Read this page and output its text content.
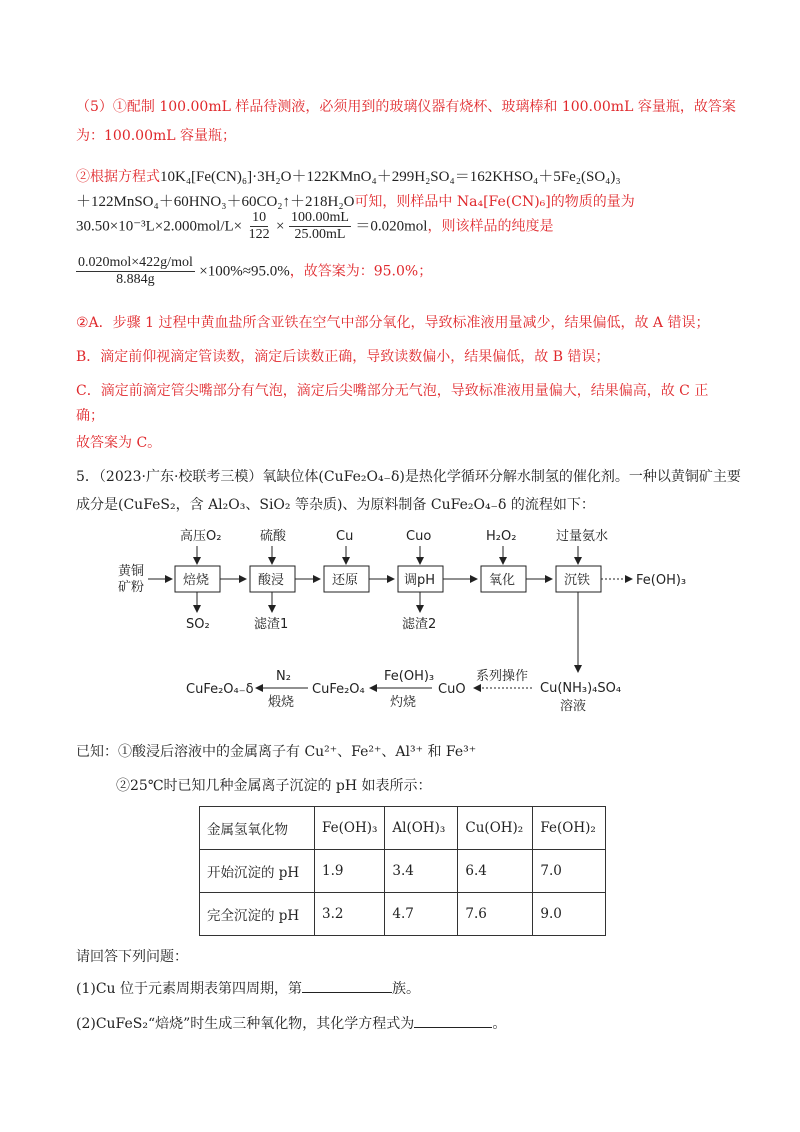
（5）①配制 100.00mL 样品待测液，必须用到的玻璃仪器有烧杯、玻璃棒和 100.00mL 容量瓶，故答案
为：100.00mL 容量瓶；
②根据方程式10K₄[Fe(CN)₆]·3H₂O＋122KMnO₄＋299H₂SO₄＝162KHSO₄＋5Fe₂(SO₄)₃
＋122MnSO₄＋60HNO₃＋60CO₂↑＋218H₂O可知，则样品中 Na₄[Fe(CN)₆]的物质的量为
$30.50\times 10^{-3}L\times 2.000mol/L\times \frac{10}{122} \times \frac{100.00mL}{25.00mL} =0.020mol$，则该样品的纯度是
$\frac{\text{0.020mol×422g/mol}}{8.884g} \times 100\%\approx 95.0\%$，故答案为：95.0%；
②A．步骤 1 过程中黄血盐所含亚铁在空气中部分氧化，导致标准液用量减少，结果偏低，故 A 错误；
B．滴定前仰视滴定管读数，滴定后读数正确，导致读数偏小，结果偏低，故 B 错误；
C．滴定前滴定管尖嘴部分有气泡，滴定后尖嘴部分无气泡，导致标准液用量偏大，结果偏高，故 C 正
确；
故答案为 C。
5．（2023·广东·校联考三模）氧缺位体(CuFe₂O₄₋δ)是热化学循环分解水制氢的催化剂。一种以黄铜矿主要
成分是(CuFeS₂，含 Al₂O₃、SiO₂ 等杂质)、为原料制备 CuFe₂O₄₋δ 的流程如下：
黄铜
矿粉	焙烧	酸浸	还原	调pH	氧化	沉铁	Fe(OH)₃
高压O₂	硫酸	Cu	Cuo	H₂O₂	过量氨水
SO₂	滤渣1	滤渣2
Cu(NH₃)₄SO₄
溶液
系列操作
CuO
Fe(OH)₃
灼烧
CuFe₂O₄
N₂
煅烧
CuFe₂O₄₋δ
已知：①酸浸后溶液中的金属离子有 Cu²⁺、Fe²⁺、Al³⁺ 和 Fe³⁺
②25℃时已知几种金属离子沉淀的 pH 如表所示：
金属氢氧化物	Fe(OH)₃	Al(OH)₃	Cu(OH)₂	Fe(OH)₂
开始沉淀的 pH	1.9	3.4	6.4	7.0
完全沉淀的 pH	3.2	4.7	7.6	9.0
请回答下列问题：
(1)Cu 位于元素周期表第四周期，第	族。
(2)CuFeS₂“焙烧”时生成三种氧化物，其化学方程式为	。
